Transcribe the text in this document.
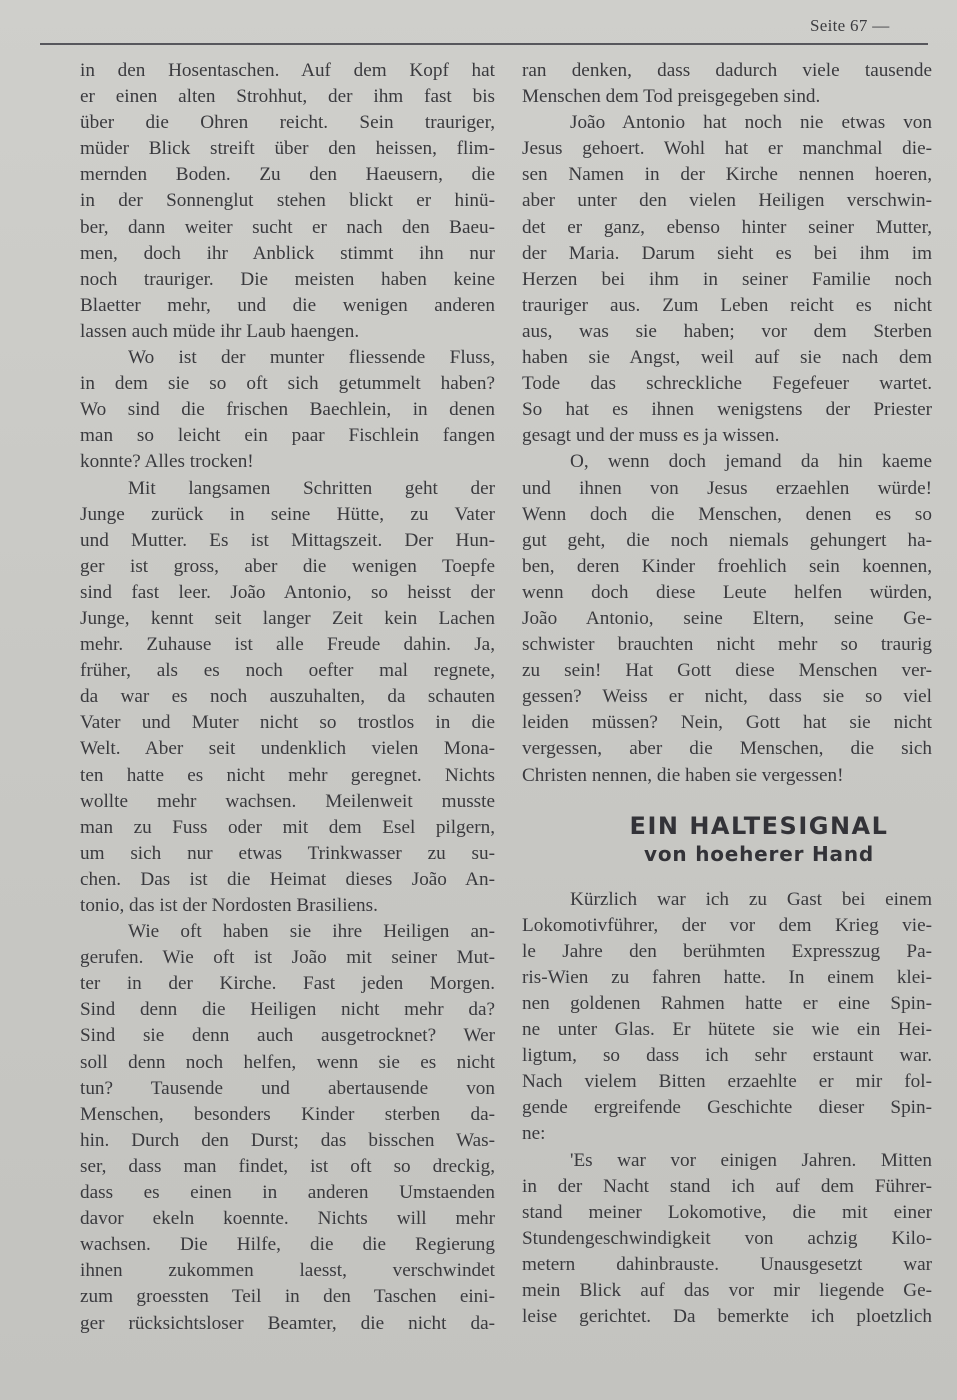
Seite 67 —
in den Hosentaschen. Auf dem Kopf hat
er einen alten Strohhut, der ihm fast bis
über die Ohren reicht. Sein trauriger,
müder Blick streift über den heissen, flim-
mernden Boden. Zu den Haeusern, die
in der Sonnenglut stehen blickt er hinü-
ber, dann weiter sucht er nach den Baeu-
men, doch ihr Anblick stimmt ihn nur
noch trauriger. Die meisten haben keine
Blaetter mehr, und die wenigen anderen
lassen auch müde ihr Laub haengen.
Wo ist der munter fliessende Fluss,
in dem sie so oft sich getummelt haben?
Wo sind die frischen Baechlein, in denen
man so leicht ein paar Fischlein fangen
konnte? Alles trocken!
Mit langsamen Schritten geht der
Junge zurück in seine Hütte, zu Vater
und Mutter. Es ist Mittagszeit. Der Hun-
ger ist gross, aber die wenigen Toepfe
sind fast leer. João Antonio, so heisst der
Junge, kennt seit langer Zeit kein Lachen
mehr. Zuhause ist alle Freude dahin. Ja,
früher, als es noch oefter mal regnete,
da war es noch auszuhalten, da schauten
Vater und Muter nicht so trostlos in die
Welt. Aber seit undenklich vielen Mona-
ten hatte es nicht mehr geregnet. Nichts
wollte mehr wachsen. Meilenweit musste
man zu Fuss oder mit dem Esel pilgern,
um sich nur etwas Trinkwasser zu su-
chen. Das ist die Heimat dieses João An-
tonio, das ist der Nordosten Brasiliens.
Wie oft haben sie ihre Heiligen an-
gerufen. Wie oft ist João mit seiner Mut-
ter in der Kirche. Fast jeden Morgen.
Sind denn die Heiligen nicht mehr da?
Sind sie denn auch ausgetrocknet? Wer
soll denn noch helfen, wenn sie es nicht
tun? Tausende und abertausende von
Menschen, besonders Kinder sterben da-
hin. Durch den Durst; das bisschen Was-
ser, dass man findet, ist oft so dreckig,
dass es einen in anderen Umstaenden
davor ekeln koennte. Nichts will mehr
wachsen. Die Hilfe, die die Regierung
ihnen zukommen laesst, verschwindet
zum groessten Teil in den Taschen eini-
ger rücksichtsloser Beamter, die nicht da-
ran denken, dass dadurch viele tausende
Menschen dem Tod preisgegeben sind.
João Antonio hat noch nie etwas von
Jesus gehoert. Wohl hat er manchmal die-
sen Namen in der Kirche nennen hoeren,
aber unter den vielen Heiligen verschwin-
det er ganz, ebenso hinter seiner Mutter,
der Maria. Darum sieht es bei ihm im
Herzen bei ihm in seiner Familie noch
trauriger aus. Zum Leben reicht es nicht
aus, was sie haben; vor dem Sterben
haben sie Angst, weil auf sie nach dem
Tode das schreckliche Fegefeuer wartet.
So hat es ihnen wenigstens der Priester
gesagt und der muss es ja wissen.
O, wenn doch jemand da hin kaeme
und ihnen von Jesus erzaehlen würde!
Wenn doch die Menschen, denen es so
gut geht, die noch niemals gehungert ha-
ben, deren Kinder froehlich sein koennen,
wenn doch diese Leute helfen würden,
João Antonio, seine Eltern, seine Ge-
schwister brauchten nicht mehr so traurig
zu sein! Hat Gott diese Menschen ver-
gessen? Weiss er nicht, dass sie so viel
leiden müssen? Nein, Gott hat sie nicht
vergessen, aber die Menschen, die sich
Christen nennen, die haben sie vergessen!
EIN HALTESIGNAL
von hoeherer Hand
Kürzlich war ich zu Gast bei einem
Lokomotivführer, der vor dem Krieg vie-
le Jahre den berühmten Expresszug Pa-
ris-Wien zu fahren hatte. In einem klei-
nen goldenen Rahmen hatte er eine Spin-
ne unter Glas. Er hütete sie wie ein Hei-
ligtum, so dass ich sehr erstaunt war.
Nach vielem Bitten erzaehlte er mir fol-
gende ergreifende Geschichte dieser Spin-
ne:
'Es war vor einigen Jahren. Mitten
in der Nacht stand ich auf dem Führer-
stand meiner Lokomotive, die mit einer
Stundengeschwindigkeit von achzig Kilo-
metern dahinbrauste. Unausgesetzt war
mein Blick auf das vor mir liegende Ge-
leise gerichtet. Da bemerkte ich ploetzlich
